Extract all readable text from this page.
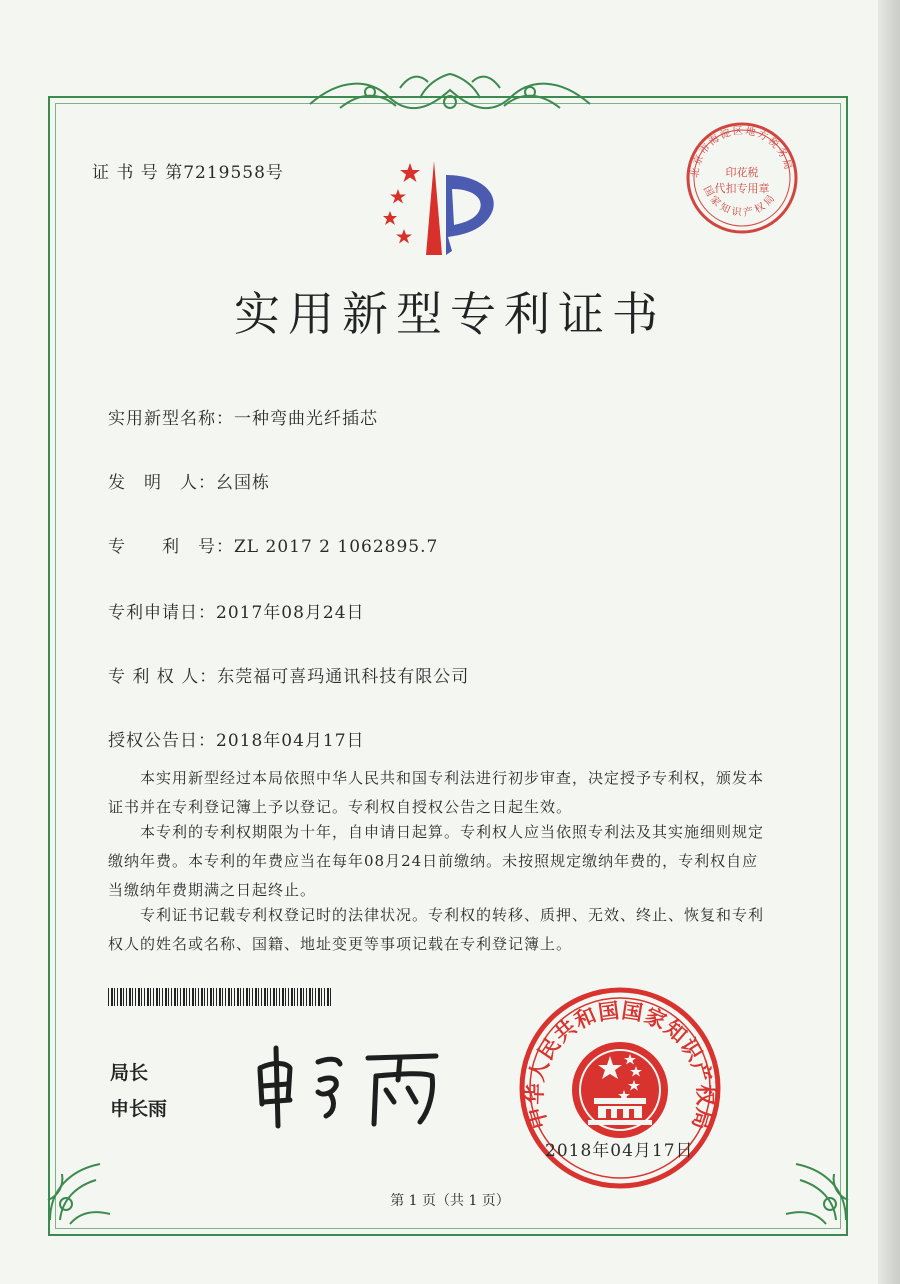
证 书 号 第7219558号	北京市海淀区地方税务局
国家知识产权局
印花税
代扣专用章
实用新型专利证书
实用新型名称：一种弯曲光纤插芯
发　明　人：幺国栋
专　　利　号：ZL 2017 2 1062895.7
专利申请日：2017年08月24日
专 利 权 人：东莞福可喜玛通讯科技有限公司
授权公告日：2018年04月17日
本实用新型经过本局依照中华人民共和国专利法进行初步审查，决定授予专利权，颁发本证书并在专利登记簿上予以登记。专利权自授权公告之日起生效。
本专利的专利权期限为十年，自申请日起算。专利权人应当依照专利法及其实施细则规定缴纳年费。本专利的年费应当在每年08月24日前缴纳。未按照规定缴纳年费的，专利权自应当缴纳年费期满之日起终止。
专利证书记载专利权登记时的法律状况。专利权的转移、质押、无效、终止、恢复和专利权人的姓名或名称、国籍、地址变更等事项记载在专利登记簿上。
局长
申长雨	中华人民共和国国家知识产权局
2018年04月17日
第 1 页（共 1 页）
